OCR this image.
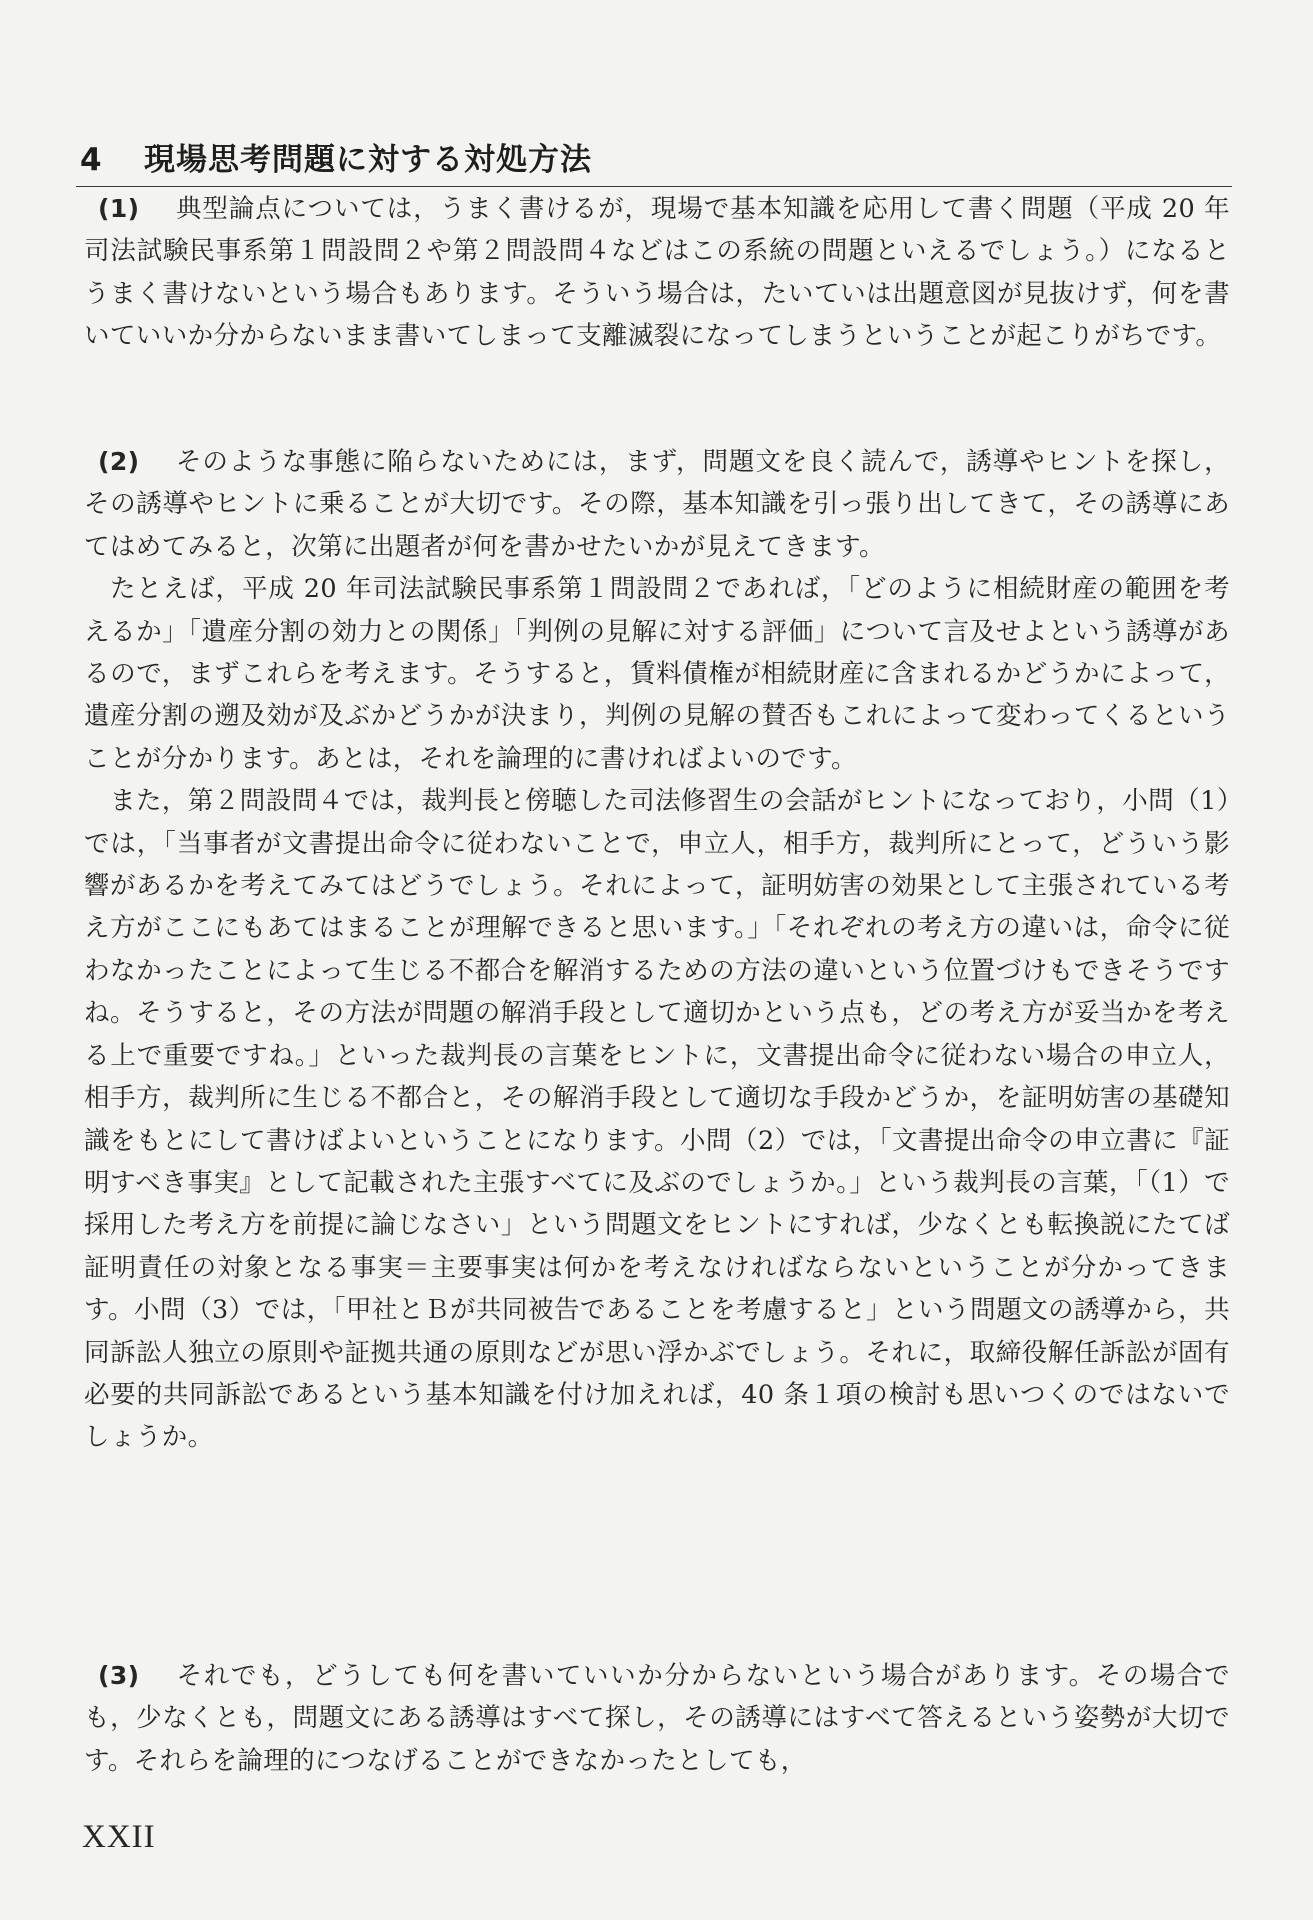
4 現場思考問題に対する対処方法

(1) 典型論点については，うまく書けるが，現場で基本知識を応用して書く問題（平成 20 年司法試験民事系第１問設問２や第２問設問４などはこの系統の問題といえるでしょう。）になるとうまく書けないという場合もあります。そういう場合は，たいていは出題意図が見抜けず，何を書いていいか分からないまま書いてしまって支離滅裂になってしまうということが起こりがちです。

(2) そのような事態に陥らないためには，まず，問題文を良く読んで，誘導やヒントを探し，その誘導やヒントに乗ることが大切です。その際，基本知識を引っ張り出してきて，その誘導にあてはめてみると，次第に出題者が何を書かせたいかが見えてきます。

たとえば，平成 20 年司法試験民事系第１問設問２であれば，「どのように相続財産の範囲を考えるか」「遺産分割の効力との関係」「判例の見解に対する評価」について言及せよという誘導があるので，まずこれらを考えます。そうすると，賃料債権が相続財産に含まれるかどうかによって，遺産分割の遡及効が及ぶかどうかが決まり，判例の見解の賛否もこれによって変わってくるということが分かります。あとは，それを論理的に書ければよいのです。

また，第２問設問４では，裁判長と傍聴した司法修習生の会話がヒントになっており，小問（1）では，「当事者が文書提出命令に従わないことで，申立人，相手方，裁判所にとって，どういう影響があるかを考えてみてはどうでしょう。それによって，証明妨害の効果として主張されている考え方がここにもあてはまることが理解できると思います。」「それぞれの考え方の違いは，命令に従わなかったことによって生じる不都合を解消するための方法の違いという位置づけもできそうですね。そうすると，その方法が問題の解消手段として適切かという点も，どの考え方が妥当かを考える上で重要ですね。」といった裁判長の言葉をヒントに，文書提出命令に従わない場合の申立人，相手方，裁判所に生じる不都合と，その解消手段として適切な手段かどうか，を証明妨害の基礎知識をもとにして書けばよいということになります。小問（2）では，「文書提出命令の申立書に『証明すべき事実』として記載された主張すべてに及ぶのでしょうか。」という裁判長の言葉，「（1）で採用した考え方を前提に論じなさい」という問題文をヒントにすれば，少なくとも転換説にたてば証明責任の対象となる事実＝主要事実は何かを考えなければならないということが分かってきます。小問（3）では，「甲社とＢが共同被告であることを考慮すると」という問題文の誘導から，共同訴訟人独立の原則や証拠共通の原則などが思い浮かぶでしょう。それに，取締役解任訴訟が固有必要的共同訴訟であるという基本知識を付け加えれば，40 条１項の検討も思いつくのではないでしょうか。

(3) それでも，どうしても何を書いていいか分からないという場合があります。その場合でも，少なくとも，問題文にある誘導はすべて探し，その誘導にはすべて答えるという姿勢が大切です。それらを論理的につなげることができなかったとしても，

XXII
